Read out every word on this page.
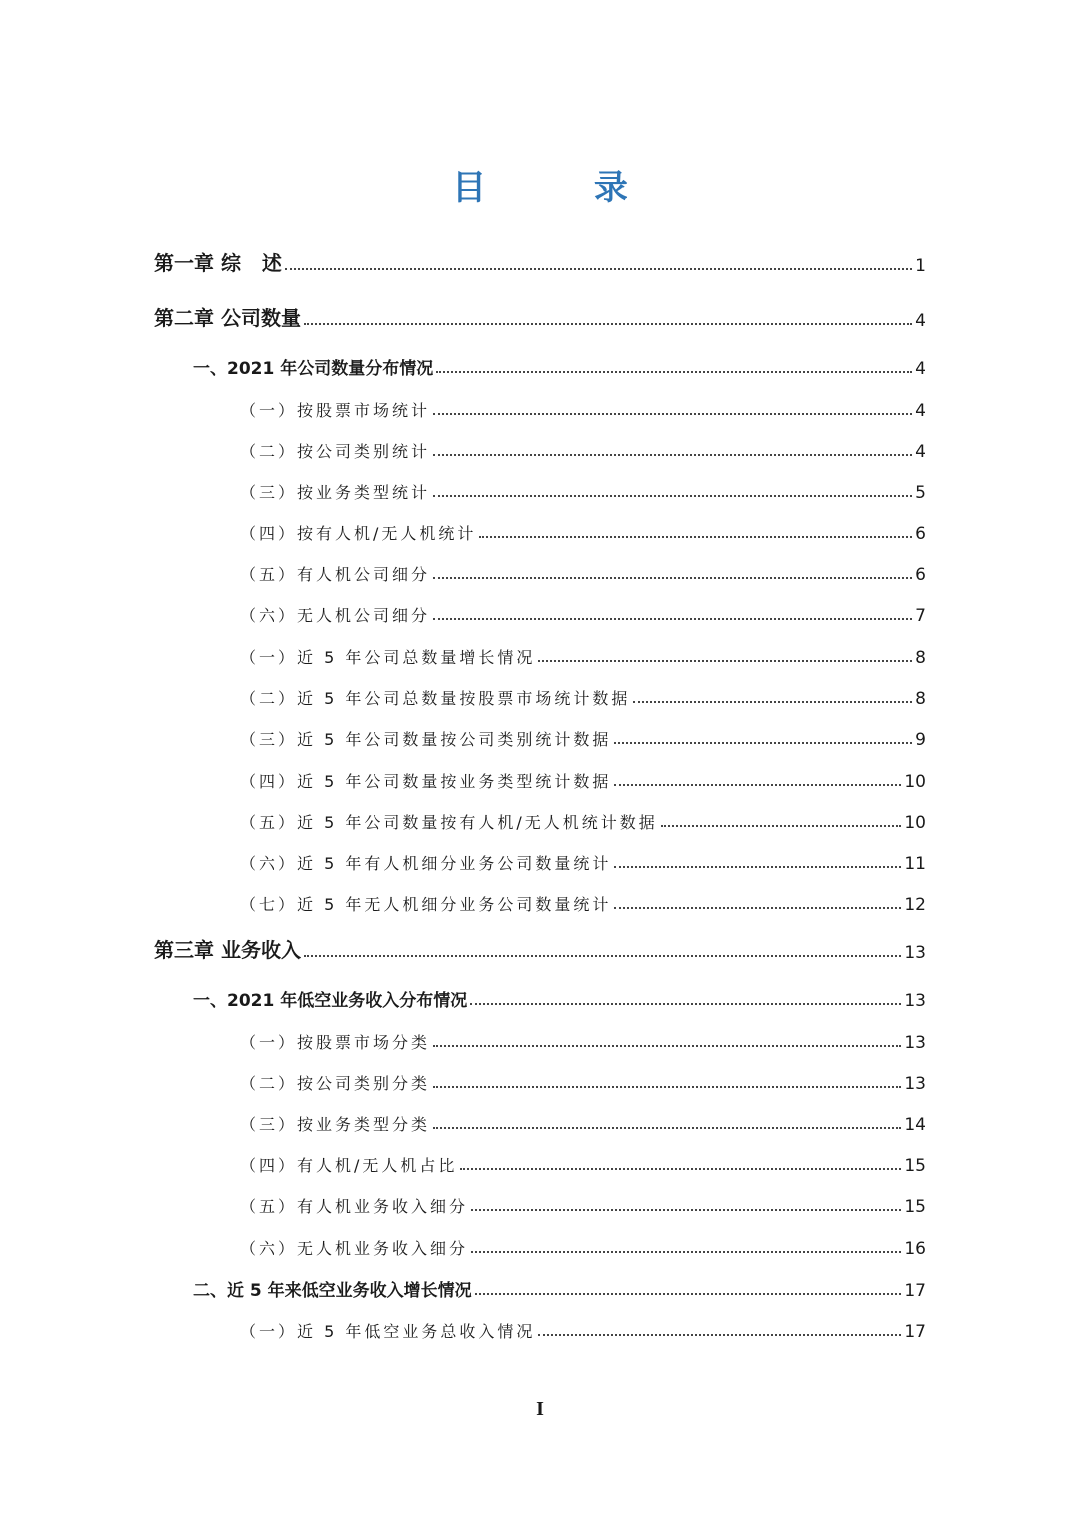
目 录
第一章 综   述	1
第二章 公司数量	4
一、2021 年公司数量分布情况	4
（一）按股票市场统计	4
（二）按公司类别统计	4
（三）按业务类型统计	5
（四）按有人机/无人机统计	6
（五）有人机公司细分	6
（六）无人机公司细分	7
（一）近 5 年公司总数量增长情况	8
（二）近 5 年公司总数量按股票市场统计数据	8
（三）近 5 年公司数量按公司类别统计数据	9
（四）近 5 年公司数量按业务类型统计数据	10
（五）近 5 年公司数量按有人机/无人机统计数据	10
（六）近 5 年有人机细分业务公司数量统计	11
（七）近 5 年无人机细分业务公司数量统计	12
第三章 业务收入	13
一、2021 年低空业务收入分布情况	13
（一）按股票市场分类	13
（二）按公司类别分类	13
（三）按业务类型分类	14
（四）有人机/无人机占比	15
（五）有人机业务收入细分	15
（六）无人机业务收入细分	16
二、近 5 年来低空业务收入增长情况	17
（一）近 5 年低空业务总收入情况	17
I
